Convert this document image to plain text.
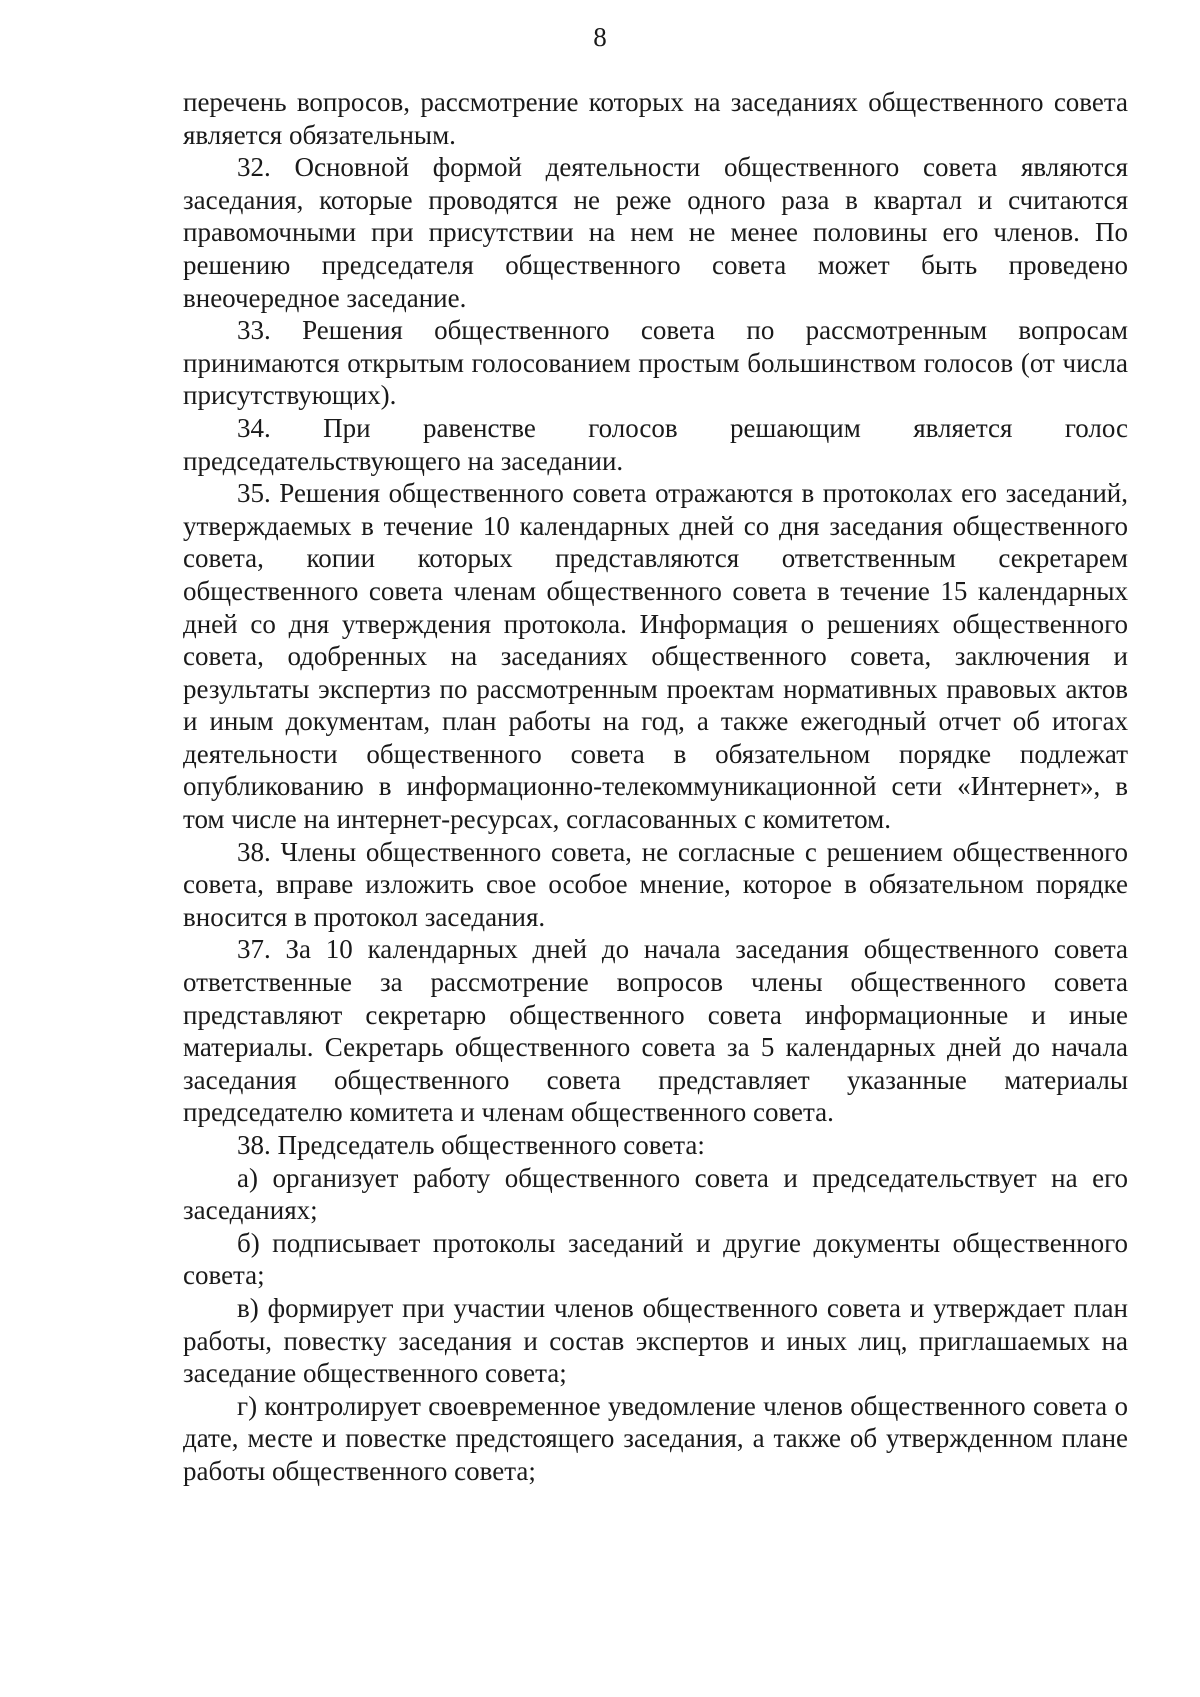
8

перечень вопросов, рассмотрение которых на заседаниях общественного совета является обязательным.

32. Основной формой деятельности общественного совета являются заседания, которые проводятся не реже одного раза в квартал и считаются правомочными при присутствии на нем не менее половины его членов. По решению председателя общественного совета может быть проведено внеочередное заседание.

33. Решения общественного совета по рассмотренным вопросам принимаются открытым голосованием простым большинством голосов (от числа присутствующих).

34. При равенстве голосов решающим является голос председательствующего на заседании.

35. Решения общественного совета отражаются в протоколах его заседаний, утверждаемых в течение 10 календарных дней со дня заседания общественного совета, копии которых представляются ответственным секретарем общественного совета членам общественного совета в течение 15 календарных дней со дня утверждения протокола. Информация о решениях общественного совета, одобренных на заседаниях общественного совета, заключения и результаты экспертиз по рассмотренным проектам нормативных правовых актов и иным документам, план работы на год, а также ежегодный отчет об итогах деятельности общественного совета в обязательном порядке подлежат опубликованию в информационно-телекоммуникационной сети «Интернет», в том числе на интернет-ресурсах, согласованных с комитетом.

38. Члены общественного совета, не согласные с решением общественного совета, вправе изложить свое особое мнение, которое в обязательном порядке вносится в протокол заседания.

37. За 10 календарных дней до начала заседания общественного совета ответственные за рассмотрение вопросов члены общественного совета представляют секретарю общественного совета информационные и иные материалы. Секретарь общественного совета за 5 календарных дней до начала заседания общественного совета представляет указанные материалы председателю комитета и членам общественного совета.

38. Председатель общественного совета:

а) организует работу общественного совета и председательствует на его заседаниях;

б) подписывает протоколы заседаний и другие документы общественного совета;

в) формирует при участии членов общественного совета и утверждает план работы, повестку заседания и состав экспертов и иных лиц, приглашаемых на заседание общественного совета;

г) контролирует своевременное уведомление членов общественного совета о дате, месте и повестке предстоящего заседания, а также об утвержденном плане работы общественного совета;
